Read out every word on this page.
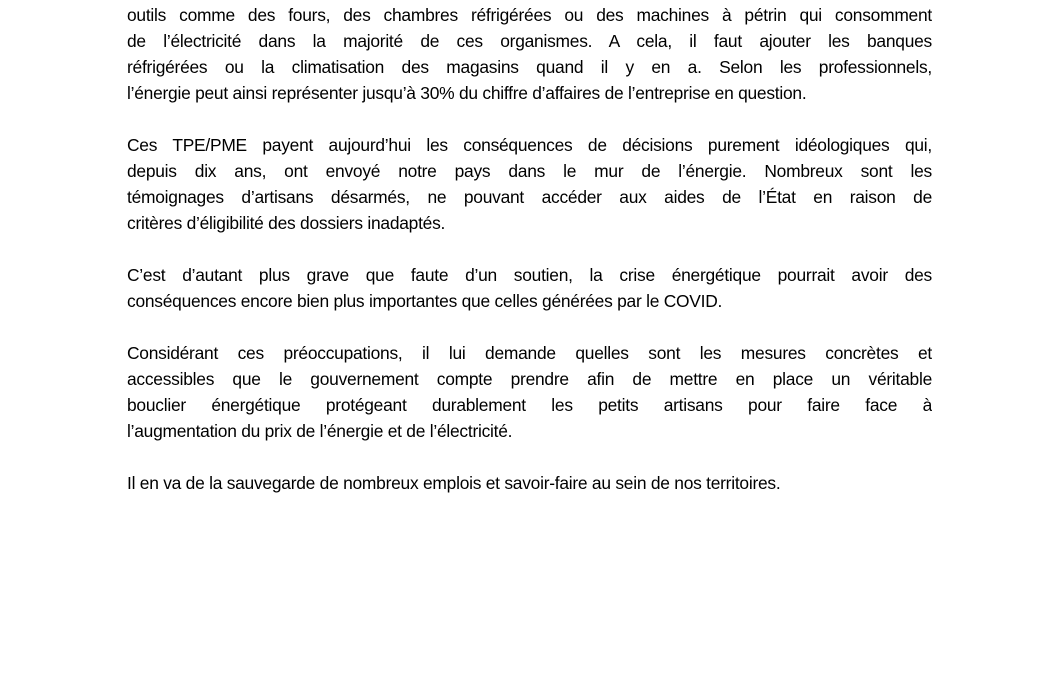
outils comme des fours, des chambres réfrigérées ou des machines à pétrin qui consomment
de l’électricité dans la majorité de ces organismes. A cela, il faut ajouter les banques
réfrigérées ou la climatisation des magasins quand il y en a. Selon les professionnels,
l’énergie peut ainsi représenter jusqu’à 30% du chiffre d’affaires de l’entreprise en question.

Ces TPE/PME payent aujourd’hui les conséquences de décisions purement idéologiques qui,
depuis dix ans, ont envoyé notre pays dans le mur de l’énergie. Nombreux sont les
témoignages d’artisans désarmés, ne pouvant accéder aux aides de l’État en raison de
critères d’éligibilité des dossiers inadaptés.

C’est d’autant plus grave que faute d’un soutien, la crise énergétique pourrait avoir des
conséquences encore bien plus importantes que celles générées par le COVID.

Considérant ces préoccupations, il lui demande quelles sont les mesures concrètes et
accessibles que le gouvernement compte prendre afin de mettre en place un véritable
bouclier énergétique protégeant durablement les petits artisans pour faire face à
l’augmentation du prix de l’énergie et de l’électricité.

Il en va de la sauvegarde de nombreux emplois et savoir-faire au sein de nos territoires.
